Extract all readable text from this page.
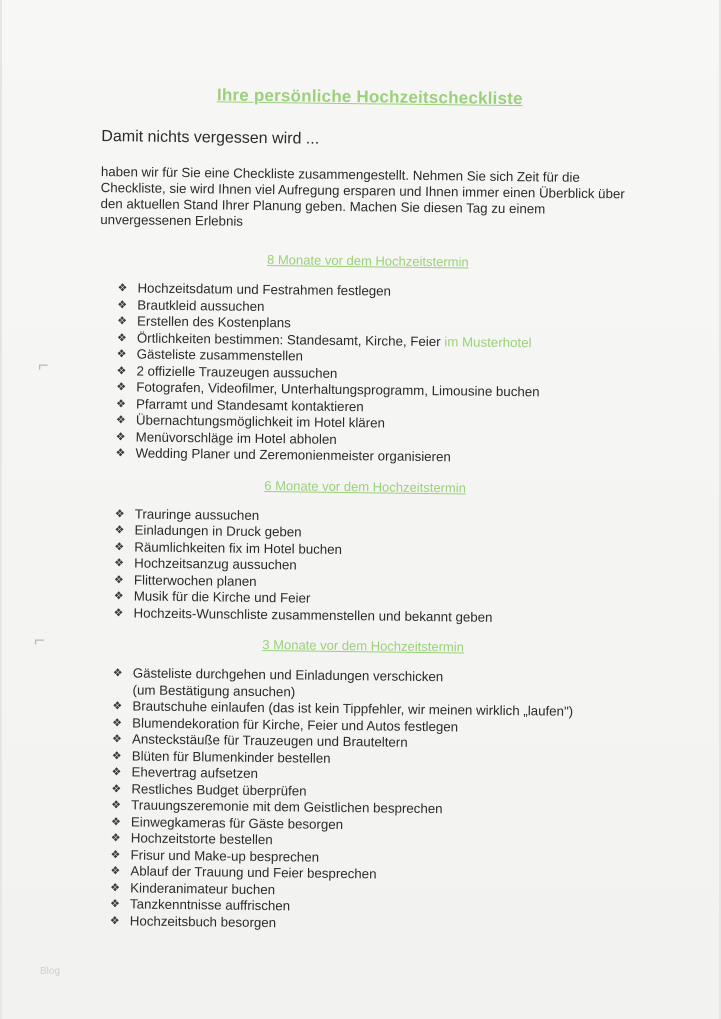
⌐
⌐
Ihre persönliche Hochzeitscheckliste
Damit nichts vergessen wird ...

haben wir für Sie eine Checkliste zusammengestellt. Nehmen Sie sich Zeit für die Checkliste, sie wird Ihnen viel Aufregung ersparen und Ihnen immer einen Überblick über den aktuellen Stand Ihrer Planung geben. Machen Sie diesen Tag zu einem unvergessenen Erlebnis

8 Monate vor dem Hochzeitstermin
❖ Hochzeitsdatum und Festrahmen festlegen
❖ Brautkleid aussuchen
❖ Erstellen des Kostenplans
❖ Örtlichkeiten bestimmen: Standesamt, Kirche, Feier im Musterhotel
❖ Gästeliste zusammenstellen
❖ 2 offizielle Trauzeugen aussuchen
❖ Fotografen, Videofilmer, Unterhaltungsprogramm, Limousine buchen
❖ Pfarramt und Standesamt kontaktieren
❖ Übernachtungsmöglichkeit im Hotel klären
❖ Menüvorschläge im Hotel abholen
❖ Wedding Planer und Zeremonienmeister organisieren
6 Monate vor dem Hochzeitstermin
❖ Trauringe aussuchen
❖ Einladungen in Druck geben
❖ Räumlichkeiten fix im Hotel buchen
❖ Hochzeitsanzug aussuchen
❖ Flitterwochen planen
❖ Musik für die Kirche und Feier
❖ Hochzeits-Wunschliste zusammenstellen und bekannt geben
3 Monate vor dem Hochzeitstermin
❖ Gästeliste durchgehen und Einladungen verschicken
(um Bestätigung ansuchen)
❖ Brautschuhe einlaufen (das ist kein Tippfehler, wir meinen wirklich „laufen")
❖ Blumendekoration für Kirche, Feier und Autos festlegen
❖ Ansteckstäuße für Trauzeugen und Brauteltern
❖ Blüten für Blumenkinder bestellen
❖ Ehevertrag aufsetzen
❖ Restliches Budget überprüfen
❖ Trauungszeremonie mit dem Geistlichen besprechen
❖ Einwegkameras für Gäste besorgen
❖ Hochzeitstorte bestellen
❖ Frisur und Make-up besprechen
❖ Ablauf der Trauung und Feier besprechen
❖ Kinderanimateur buchen
❖ Tanzkenntnisse auffrischen
❖ Hochzeitsbuch besorgen
Blog
